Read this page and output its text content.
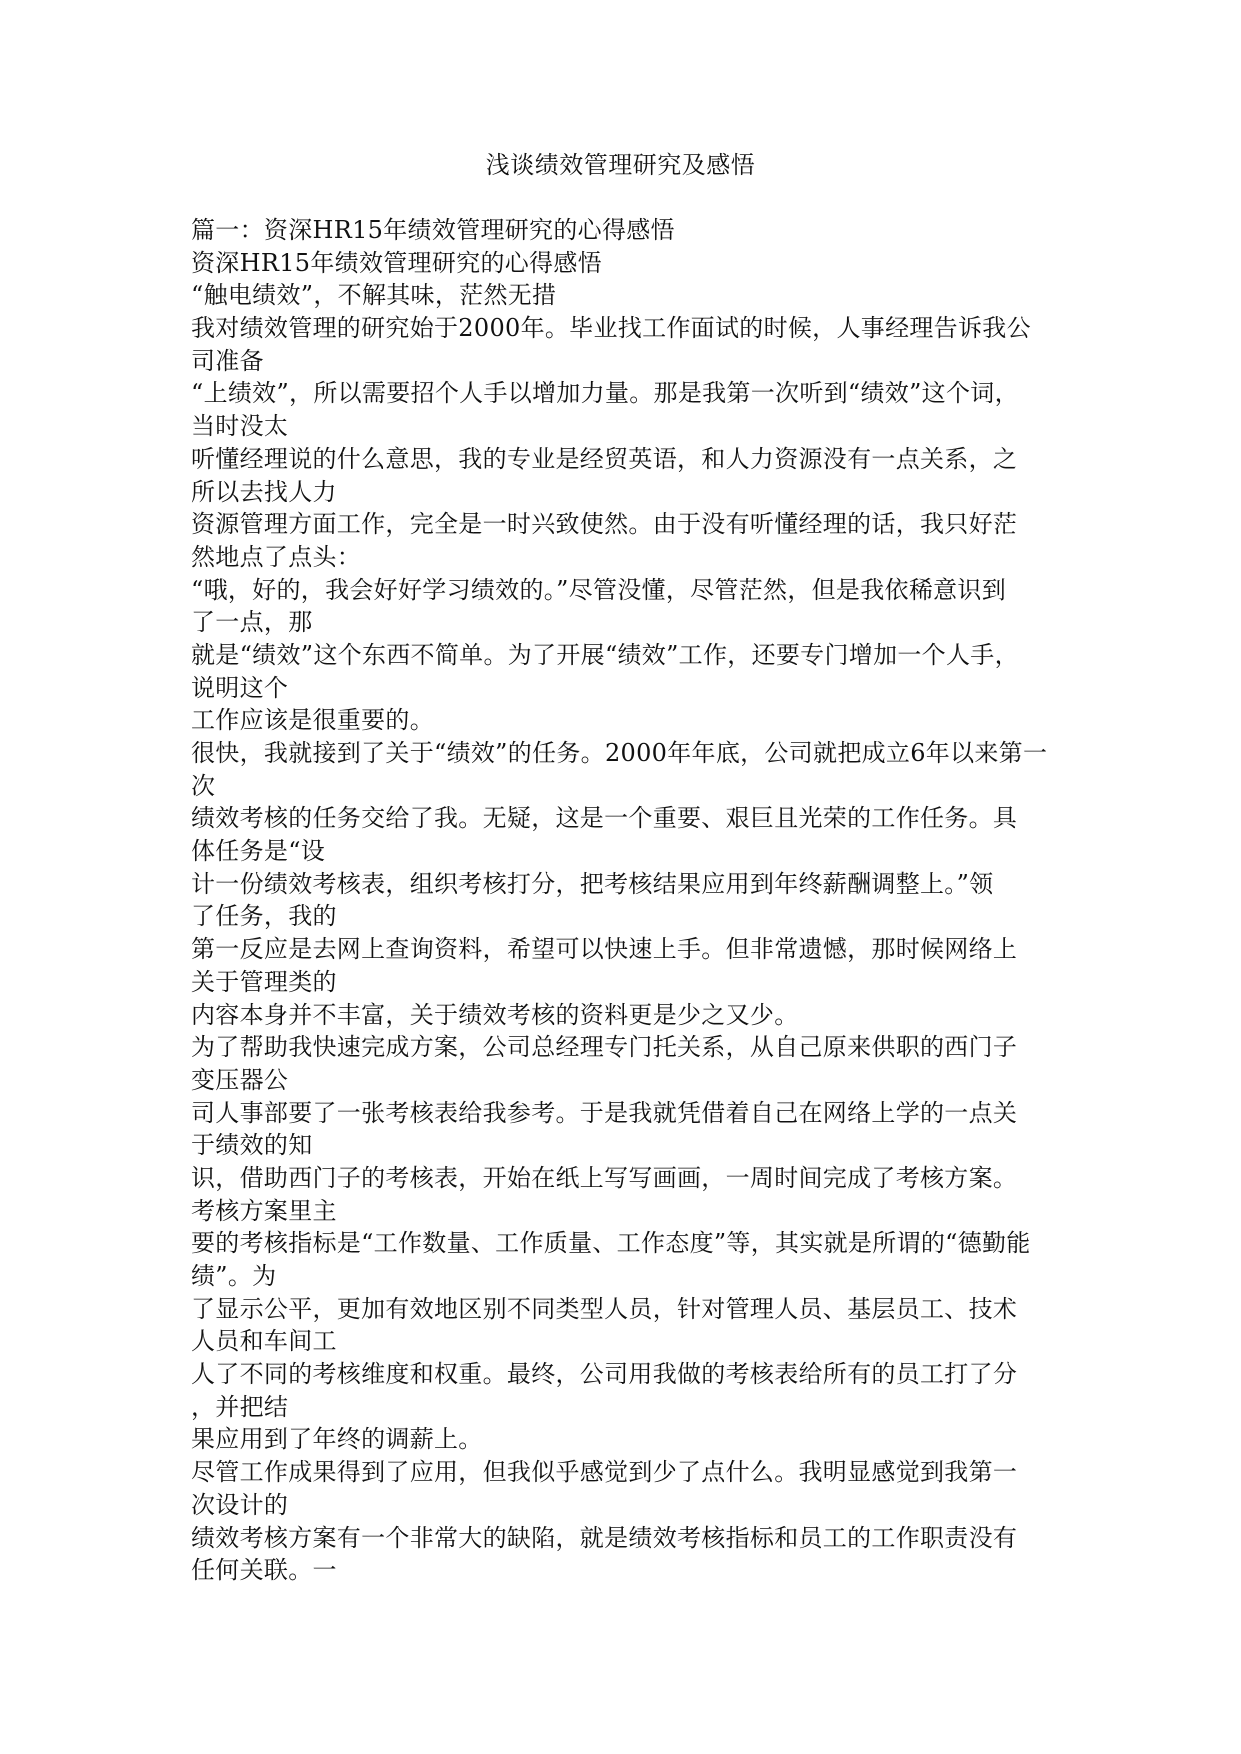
浅谈绩效管理研究及感悟
篇一：资深HR15年绩效管理研究的心得感悟
资深HR15年绩效管理研究的心得感悟
“触电绩效”，不解其味，茫然无措
我对绩效管理的研究始于2000年。毕业找工作面试的时候，人事经理告诉我公
司准备
“上绩效”，所以需要招个人手以增加力量。那是我第一次听到“绩效”这个词，
当时没太
听懂经理说的什么意思，我的专业是经贸英语，和人力资源没有一点关系，之
所以去找人力
资源管理方面工作，完全是一时兴致使然。由于没有听懂经理的话，我只好茫
然地点了点头：
“哦，好的，我会好好学习绩效的。”尽管没懂，尽管茫然，但是我依稀意识到
了一点，那
就是“绩效”这个东西不简单。为了开展“绩效”工作，还要专门增加一个人手，
说明这个
工作应该是很重要的。
很快，我就接到了关于“绩效”的任务。2000年年底，公司就把成立6年以来第一
次
绩效考核的任务交给了我。无疑，这是一个重要、艰巨且光荣的工作任务。具
体任务是“设
计一份绩效考核表，组织考核打分，把考核结果应用到年终薪酬调整上。”领
了任务，我的
第一反应是去网上查询资料，希望可以快速上手。但非常遗憾，那时候网络上
关于管理类的
内容本身并不丰富，关于绩效考核的资料更是少之又少。
为了帮助我快速完成方案，公司总经理专门托关系，从自己原来供职的西门子
变压器公
司人事部要了一张考核表给我参考。于是我就凭借着自己在网络上学的一点关
于绩效的知
识，借助西门子的考核表，开始在纸上写写画画，一周时间完成了考核方案。
考核方案里主
要的考核指标是“工作数量、工作质量、工作态度”等，其实就是所谓的“德勤能
绩”。为
了显示公平，更加有效地区别不同类型人员，针对管理人员、基层员工、技术
人员和车间工
人了不同的考核维度和权重。最终，公司用我做的考核表给所有的员工打了分
，并把结
果应用到了年终的调薪上。
尽管工作成果得到了应用，但我似乎感觉到少了点什么。我明显感觉到我第一
次设计的
绩效考核方案有一个非常大的缺陷，就是绩效考核指标和员工的工作职责没有
任何关联。一
